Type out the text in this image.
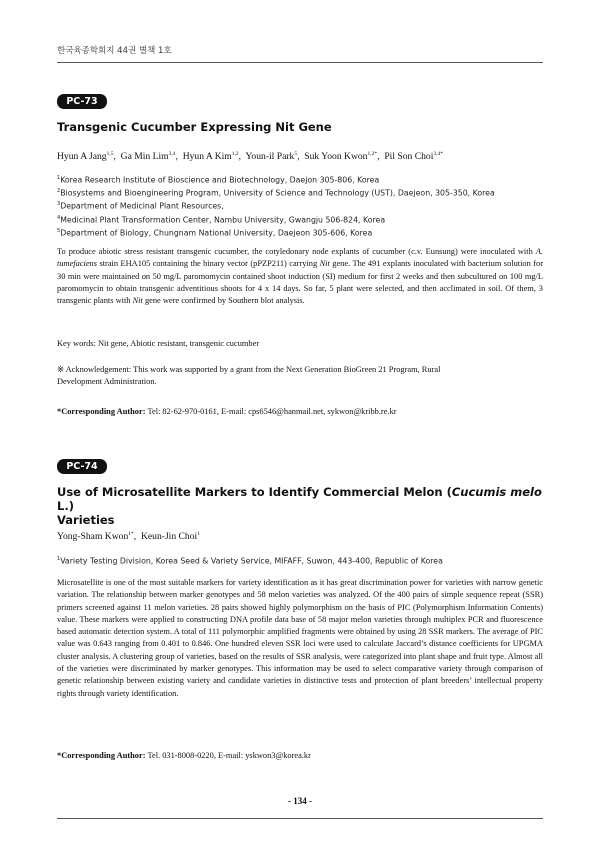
한국육종학회지 44권 별책 1호
PC-73
Transgenic Cucumber Expressing Nit Gene
Hyun A Jang$^{1,5}$,  Ga Min Lim$^{3,4}$,  Hyun A Kim$^{1,2}$,  Youn-il Park$^5$,  Suk Yoon Kwon$^{1,2*}$,  Pil Son Choi$^{3,4*}$
$^1$Korea Research Institute of Bioscience and Biotechnology, Daejon 305-806, Korea
$^2$Biosystems and Bioengineering Program, University of Science and Technology (UST), Daejeon, 305-350, Korea
$^3$Department of Medicinal Plant Resources,
$^4$Medicinal Plant Transformation Center, Nambu University, Gwangju 506-824, Korea
$^5$Department of Biology, Chungnam National University, Daejeon 305-606, Korea
To produce abiotic stress resistant transgenic cucumber, the cotyledonary node explants of cucumber (c.v. Eunsung) were inoculated with A. tumefaciens strain EHA105 containing the binary vector (pPZP211) carrying Nit gene. The 491 explants inoculated with bacterium solution for 30 min were maintained on 50 mg/L paromomycin contained shoot induction (SI) medium for first 2 weeks and then subcultured on 100 mg/L paromomycin to obtain transgenic adventitious shoots for 4 x 14 days. So far, 5 plant were selected, and then acclimated in soil. Of them, 3 transgenic plants with Nit gene were confirmed by Southern blot analysis.
Key words: Nit gene, Abiotic resistant, transgenic cucumber
※ Acknowledgement: This work was supported by a grant from the Next Generation BioGreen 21 Program, Rural
Development Administration.
*Corresponding Author: Tel: 82-62-970-0161, E-mail: cps6546@hanmail.net, sykwon@kribb.re.kr
PC-74
Use of Microsatellite Markers to Identify Commercial Melon (Cucumis melo L.)
Varieties
Yong-Sham Kwon$^{1*}$,  Keun-Jin Choi$^1$
$^1$Variety Testing Division, Korea Seed & Variety Service, MIFAFF, Suwon, 443-400, Republic of Korea
Microsatellite is one of the most suitable markers for variety identification as it has great discrimination power for varieties with narrow genetic variation. The relationship between marker genotypes and 58 melon varieties was analyzed. Of the 400 pairs of simple sequence repeat (SSR) primers screened against 11 melon varieties. 28 pairs showed highly polymorphism on the basis of PIC (Polymorphism Information Contents) value. These markers were applied to constructing DNA profile data base of 58 major melon varieties through multiplex PCR and fluorescence based automatic detection system. A total of 111 polymorphic amplified fragments were obtained by using 28 SSR markers. The average of PIC value was 0.643 ranging from 0.401 to 0.846. One hundred eleven SSR loci were used to calculate Jaccard’s distance coefficients for UPGMA cluster analysis. A clustering group of varieties, based on the results of SSR analysis, were categorized into plant shape and fruit type. Almost all of the varieties were discriminated by marker genotypes. This information may be used to select comparative variety through comparison of genetic relationship between existing variety and candidate varieties in distinctive tests and protection of plant breeders’ intellectual property rights through variety identification.
*Corresponding Author: Tel. 031-8008-0220, E-mail: yskwon3@korea.kr
- 134 -
